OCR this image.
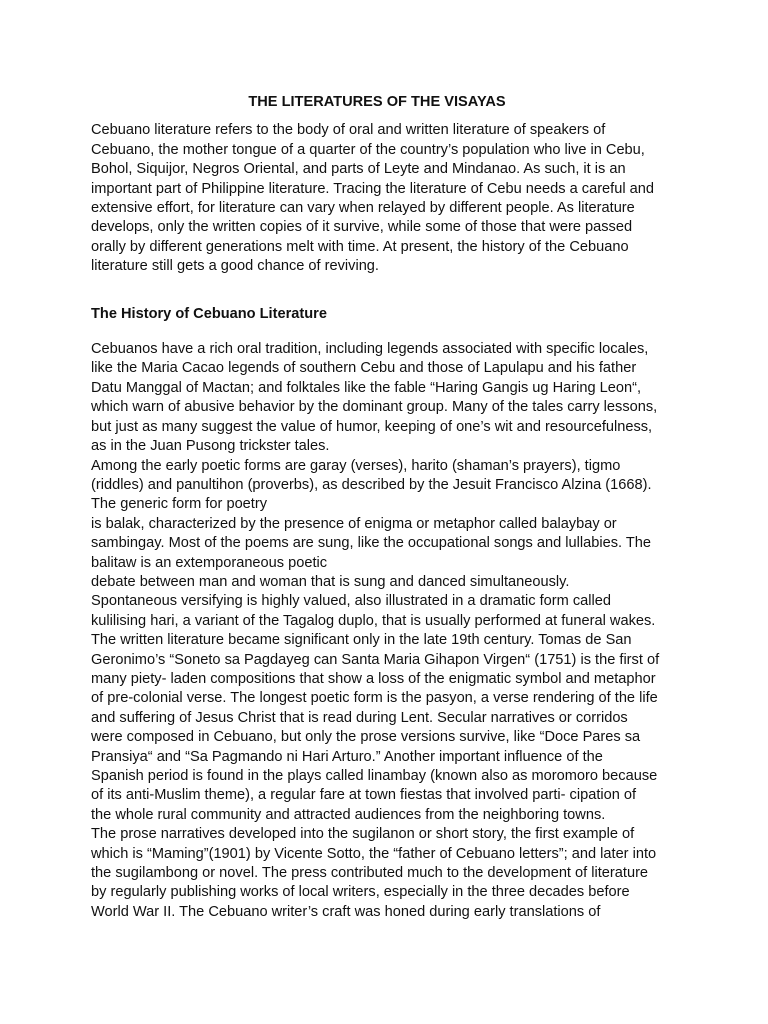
THE LITERATURES OF THE VISAYAS
Cebuano literature refers to the body of oral and written literature of speakers of
Cebuano, the mother tongue of a quarter of the country’s population who live in Cebu,
Bohol, Siquijor, Negros Oriental, and parts of Leyte and Mindanao. As such, it is an
important part of Philippine literature. Tracing the literature of Cebu needs a careful and
extensive effort, for literature can vary when relayed by different people. As literature
develops, only the written copies of it survive, while some of those that were passed
orally by different generations melt with time. At present, the history of the Cebuano
literature still gets a good chance of reviving.
The History of Cebuano Literature
Cebuanos have a rich oral tradition, including legends associated with specific locales,
like the Maria Cacao legends of southern Cebu and those of Lapulapu and his father
Datu Manggal of Mactan; and folktales like the fable “Haring Gangis ug Haring Leon“,
which warn of abusive behavior by the dominant group. Many of the tales carry lessons,
but just as many suggest the value of humor, keeping of one’s wit and resourcefulness,
as in the Juan Pusong trickster tales.
Among the early poetic forms are garay (verses), harito (shaman’s prayers), tigmo
(riddles) and panultihon (proverbs), as described by the Jesuit Francisco Alzina (1668).
The generic form for poetry
is balak, characterized by the presence of enigma or metaphor called balaybay or
sambingay. Most of the poems are sung, like the occupational songs and lullabies. The
balitaw is an extemporaneous poetic
debate between man and woman that is sung and danced simultaneously.
Spontaneous versifying is highly valued, also illustrated in a dramatic form called
kulilising hari, a variant of the Tagalog duplo, that is usually performed at funeral wakes.
The written literature became significant only in the late 19th century. Tomas de San
Geronimo’s “Soneto sa Pagdayeg can Santa Maria Gihapon Virgen“ (1751) is the first of
many piety- laden compositions that show a loss of the enigmatic symbol and metaphor
of pre-colonial verse. The longest poetic form is the pasyon, a verse rendering of the life
and suffering of Jesus Christ that is read during Lent. Secular narratives or corridos
were composed in Cebuano, but only the prose versions survive, like “Doce Pares sa
Pransiya“ and “Sa Pagmando ni Hari Arturo.” Another important influence of the
Spanish period is found in the plays called linambay (known also as moromoro because
of its anti-Muslim theme), a regular fare at town fiestas that involved parti- cipation of
the whole rural community and attracted audiences from the neighboring towns.
The prose narratives developed into the sugilanon or short story, the first example of
which is “Maming”(1901) by Vicente Sotto, the “father of Cebuano letters”; and later into
the sugilambong or novel. The press contributed much to the development of literature
by regularly publishing works of local writers, especially in the three decades before
World War II. The Cebuano writer’s craft was honed during early translations of
